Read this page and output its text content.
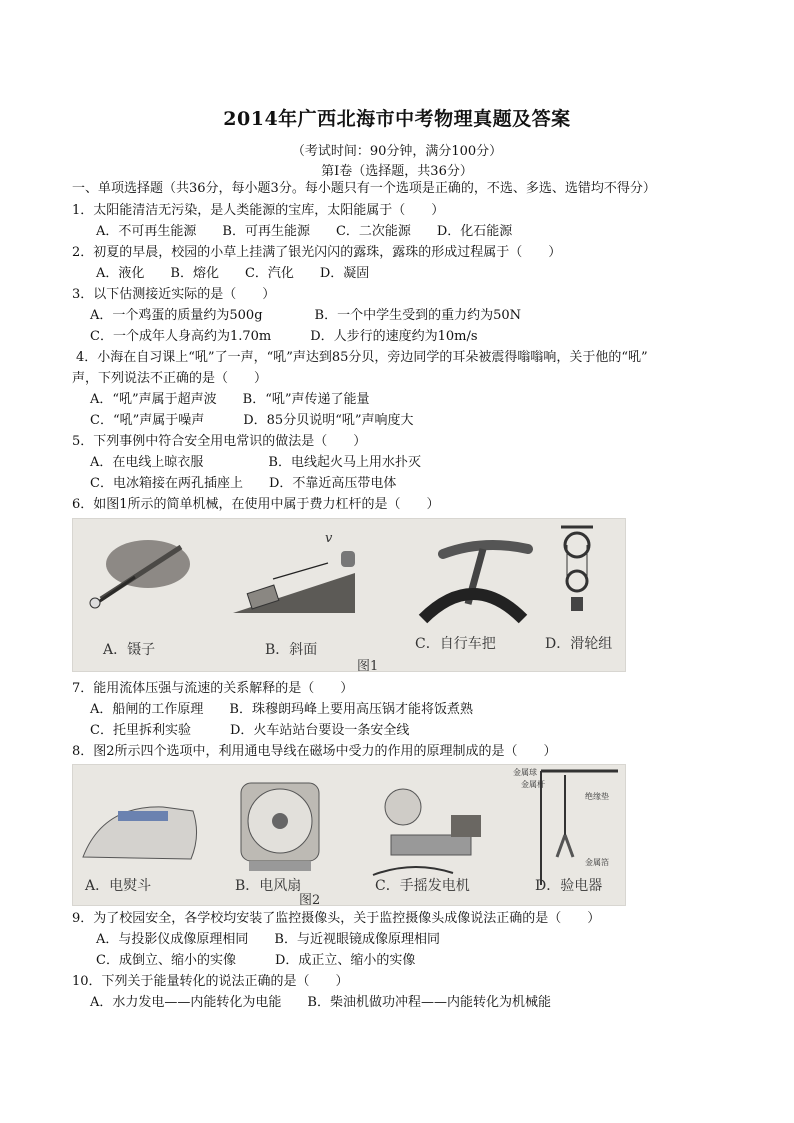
2014年广西北海市中考物理真题及答案
（考试时间：90分钟，满分100分）
第Ⅰ卷（选择题，共36分）
一、单项选择题（共36分，每小题3分。每小题只有一个选项是正确的，不选、多选、选错均不得分）
1．太阳能清洁无污染，是人类能源的宝库，太阳能属于（　　）
A．不可再生能源　　B．可再生能源　　C．二次能源　　D．化石能源
2．初夏的早晨，校园的小草上挂满了银光闪闪的露珠，露珠的形成过程属于（　　）
A．液化　　B．熔化　　C．汽化　　D．凝固
3．以下估测接近实际的是（　　）
A．一个鸡蛋的质量约为500g　　　　B．一个中学生受到的重力约为50N
C．一个成年人身高约为1.70m　　　D．人步行的速度约为10m/s
4．小海在自习课上“吼”了一声，“吼”声达到85分贝，旁边同学的耳朵被震得嗡嗡响，关于他的“吼”
声，下列说法不正确的是（　　）
A．“吼”声属于超声波　　B．“吼”声传递了能量
C．“吼”声属于噪声　　　D．85分贝说明“吼”声响度大
5．下列事例中符合安全用电常识的做法是（　　）
A．在电线上晾衣服　　　　　B．电线起火马上用水扑灭
C．电冰箱接在两孔插座上　　D．不靠近高压带电体
6．如图1所示的简单机械，在使用中属于费力杠杆的是（　　）
v
A．镊子	B．斜面	C．自行车把	D．滑轮组
图1
7．能用流体压强与流速的关系解释的是（　　）
A．船闸的工作原理　　B．珠穆朗玛峰上要用高压锅才能将饭煮熟
C．托里拆利实验　　　D．火车站站台要设一条安全线
8．图2所示四个选项中，利用通电导线在磁场中受力的作用的原理制成的是（　　）
金属球
金属杆
绝缘垫
金属箔
A．电熨斗	B．电风扇	C．手摇发电机	D．验电器
图2
9．为了校园安全，各学校均安装了监控摄像头，关于监控摄像头成像说法正确的是（　　）
A．与投影仪成像原理相同　　B．与近视眼镜成像原理相同
C．成倒立、缩小的实像　　　D．成正立、缩小的实像
10．下列关于能量转化的说法正确的是（　　）
A．水力发电——内能转化为电能　　B．柴油机做功冲程——内能转化为机械能
